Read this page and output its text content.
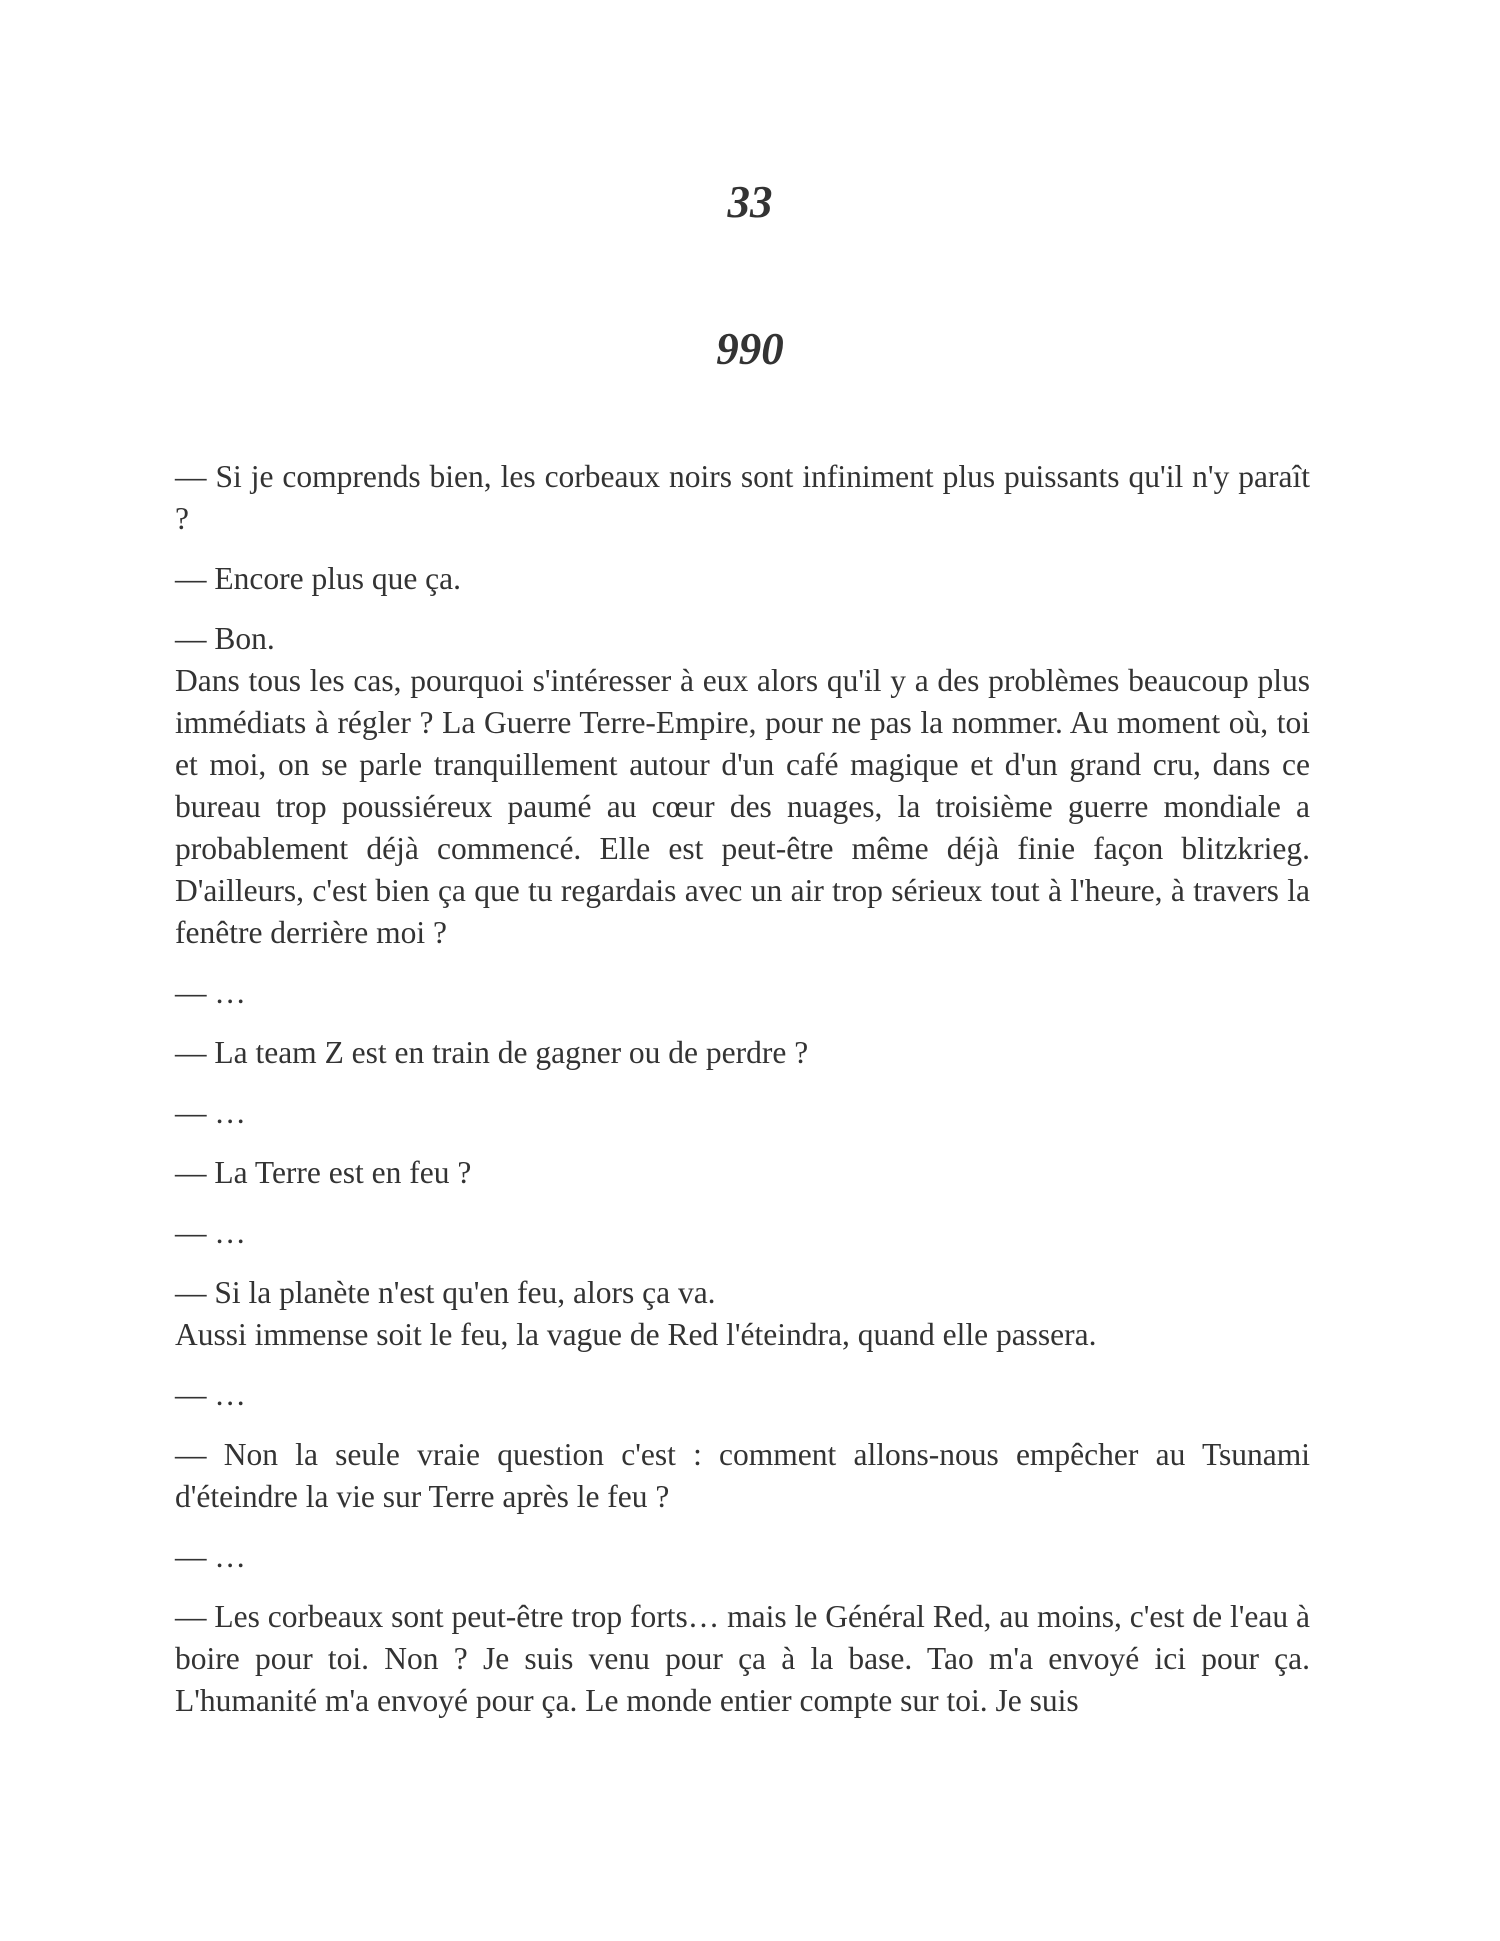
33
990

— Si je comprends bien, les corbeaux noirs sont infiniment plus puissants qu'il n'y paraît ?

— Encore plus que ça.

— Bon.
Dans tous les cas, pourquoi s'intéresser à eux alors qu'il y a des problèmes beaucoup plus immédiats à régler ? La Guerre Terre-Empire, pour ne pas la nommer. Au moment où, toi et moi, on se parle tranquillement autour d'un café magique et d'un grand cru, dans ce bureau trop poussiéreux paumé au cœur des nuages, la troisième guerre mondiale a probablement déjà commencé. Elle est peut-être même déjà finie façon blitzkrieg. D'ailleurs, c'est bien ça que tu regardais avec un air trop sérieux tout à l'heure, à travers la fenêtre derrière moi ?

— …

— La team Z est en train de gagner ou de perdre ?

— …

— La Terre est en feu ?

— …

— Si la planète n'est qu'en feu, alors ça va.
Aussi immense soit le feu, la vague de Red l'éteindra, quand elle passera.

— …

— Non la seule vraie question c'est : comment allons-nous empêcher au Tsunami d'éteindre la vie sur Terre après le feu ?

— …

— Les corbeaux sont peut-être trop forts… mais le Général Red, au moins, c'est de l'eau à boire pour toi. Non ? Je suis venu pour ça à la base. Tao m'a envoyé ici pour ça. L'humanité m'a envoyé pour ça. Le monde entier compte sur toi. Je suis
